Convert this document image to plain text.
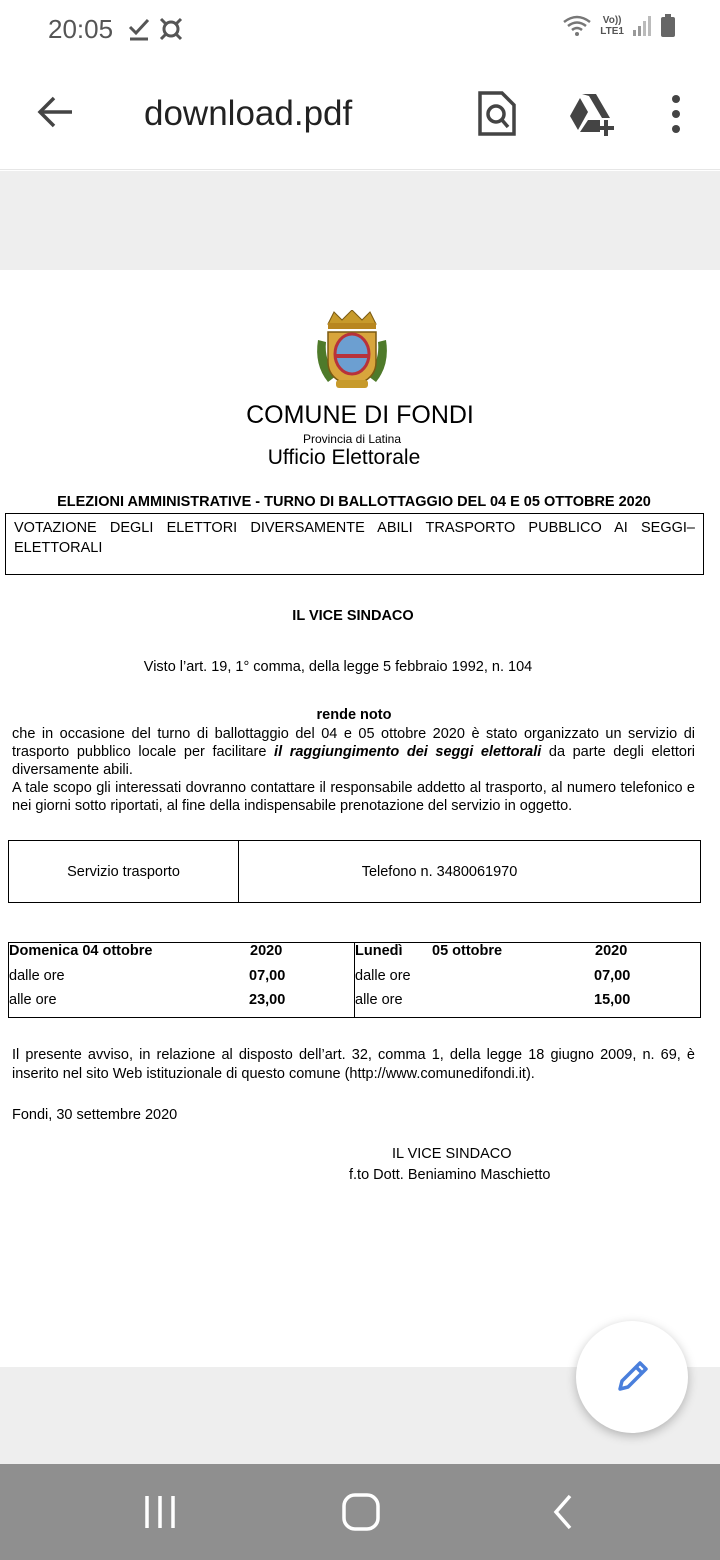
20:05	Vo))
LTE1
download.pdf
COMUNE DI FONDI
Provincia di Latina
Ufficio Elettorale
ELEZIONI AMMINISTRATIVE - TURNO DI BALLOTTAGGIO DEL 04 E 05 OTTOBRE 2020
VOTAZIONE DEGLI ELETTORI DIVERSAMENTE ABILI TRASPORTO PUBBLICO AI SEGGI–ELETTORALI
IL VICE SINDACO
Visto l’art. 19, 1° comma, della legge 5 febbraio 1992, n. 104
rende noto
che in occasione del turno di ballottaggio del 04 e 05 ottobre 2020 è stato organizzato un servizio di trasporto pubblico locale per facilitare il raggiungimento dei seggi elettorali da parte degli elettori diversamente abili.
A tale scopo gli interessati dovranno contattare il responsabile addetto al trasporto, al numero telefonico e nei giorni sotto riportati, al fine della indispensabile prenotazione del servizio in oggetto.
Servizio trasporto	Telefono n. 3480061970
Domenica 04 ottobre	2020
dalle ore	07,00
alle ore	23,00
Lunedì 05 ottobre	2020
dalle ore	07,00
alle ore	15,00
Il presente avviso, in relazione al disposto dell’art. 32, comma 1, della legge 18 giugno 2009, n. 69, è inserito nel sito Web istituzionale di questo comune (http://www.comunedifondi.it).
Fondi, 30 settembre 2020
IL VICE SINDACO
f.to Dott. Beniamino Maschietto
